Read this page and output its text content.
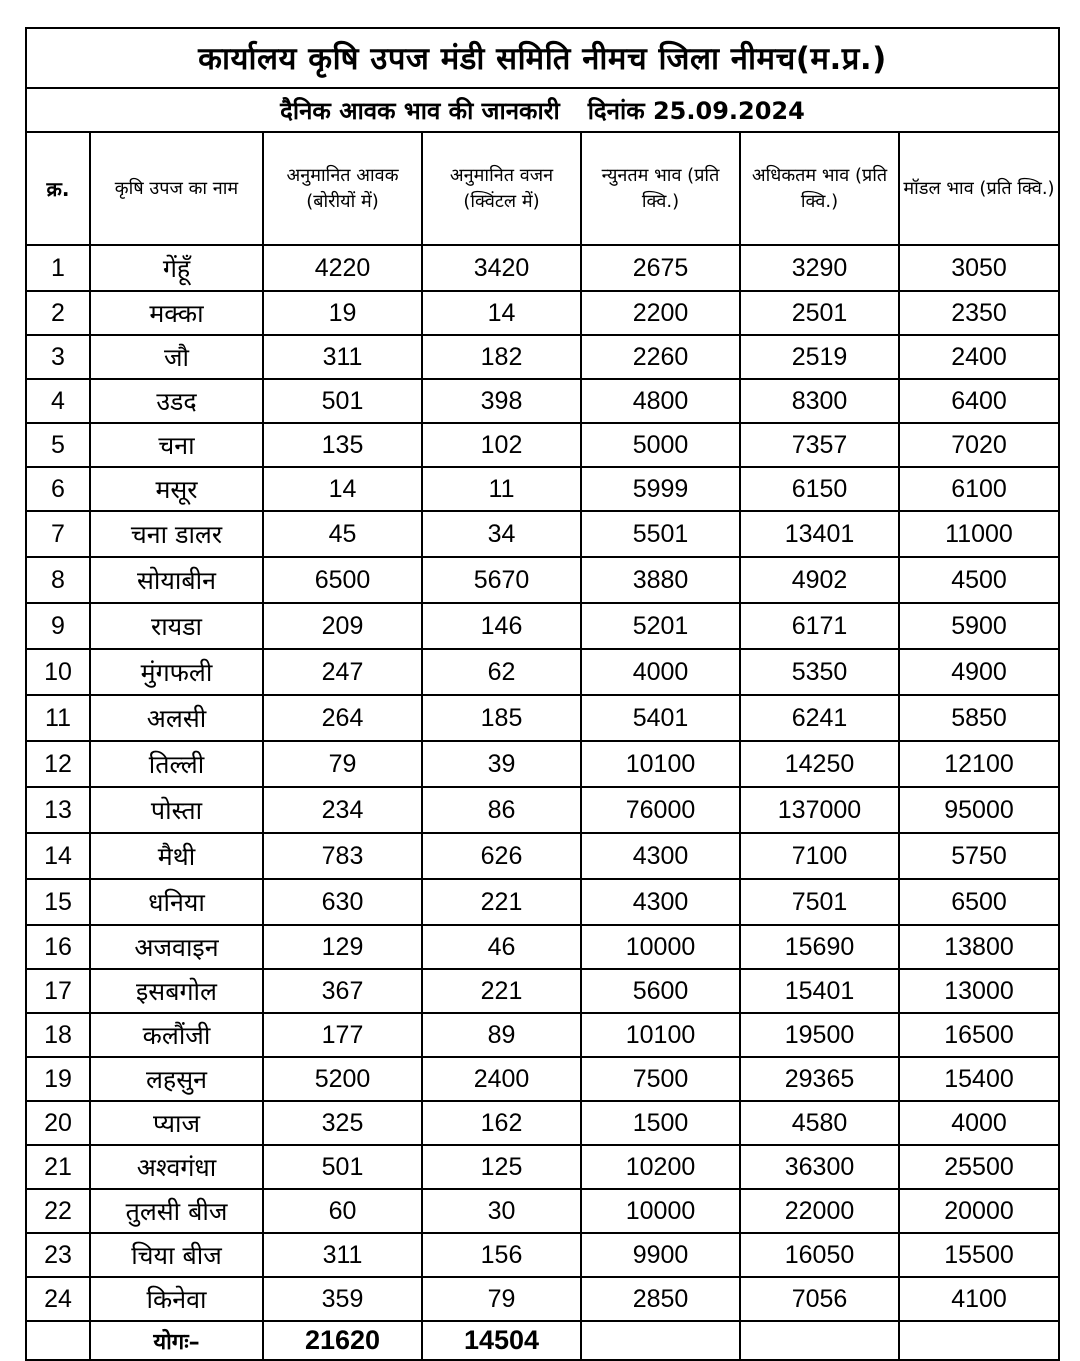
कार्यालय कृषि उपज मंडी समिति नीमच जिला नीमच(म.प्र.)
दैनिक आवक भाव की जानकारी दिनांक 25.09.2024
क्र.	कृषि उपज का नाम	अनुमानित आवक (बोरीयों में)	अनुमानित वजन (क्विंटल में)	न्युनतम भाव (प्रति क्वि.)	अधिकतम भाव (प्रति क्वि.)	मॉडल भाव (प्रति क्वि.)
1	गेंहूँ	4220	3420	2675	3290	3050
2	मक्का	19	14	2200	2501	2350
3	जौ	311	182	2260	2519	2400
4	उडद	501	398	4800	8300	6400
5	चना	135	102	5000	7357	7020
6	मसूर	14	11	5999	6150	6100
7	चना डालर	45	34	5501	13401	11000
8	सोयाबीन	6500	5670	3880	4902	4500
9	रायडा	209	146	5201	6171	5900
10	मुंगफली	247	62	4000	5350	4900
11	अलसी	264	185	5401	6241	5850
12	तिल्ली	79	39	10100	14250	12100
13	पोस्ता	234	86	76000	137000	95000
14	मैथी	783	626	4300	7100	5750
15	धनिया	630	221	4300	7501	6500
16	अजवाइन	129	46	10000	15690	13800
17	इसबगोल	367	221	5600	15401	13000
18	कलौंजी	177	89	10100	19500	16500
19	लहसुन	5200	2400	7500	29365	15400
20	प्याज	325	162	1500	4580	4000
21	अश्वगंधा	501	125	10200	36300	25500
22	तुलसी बीज	60	30	10000	22000	20000
23	चिया बीज	311	156	9900	16050	15500
24	किनेवा	359	79	2850	7056	4100
	योगः–	21620	14504			
